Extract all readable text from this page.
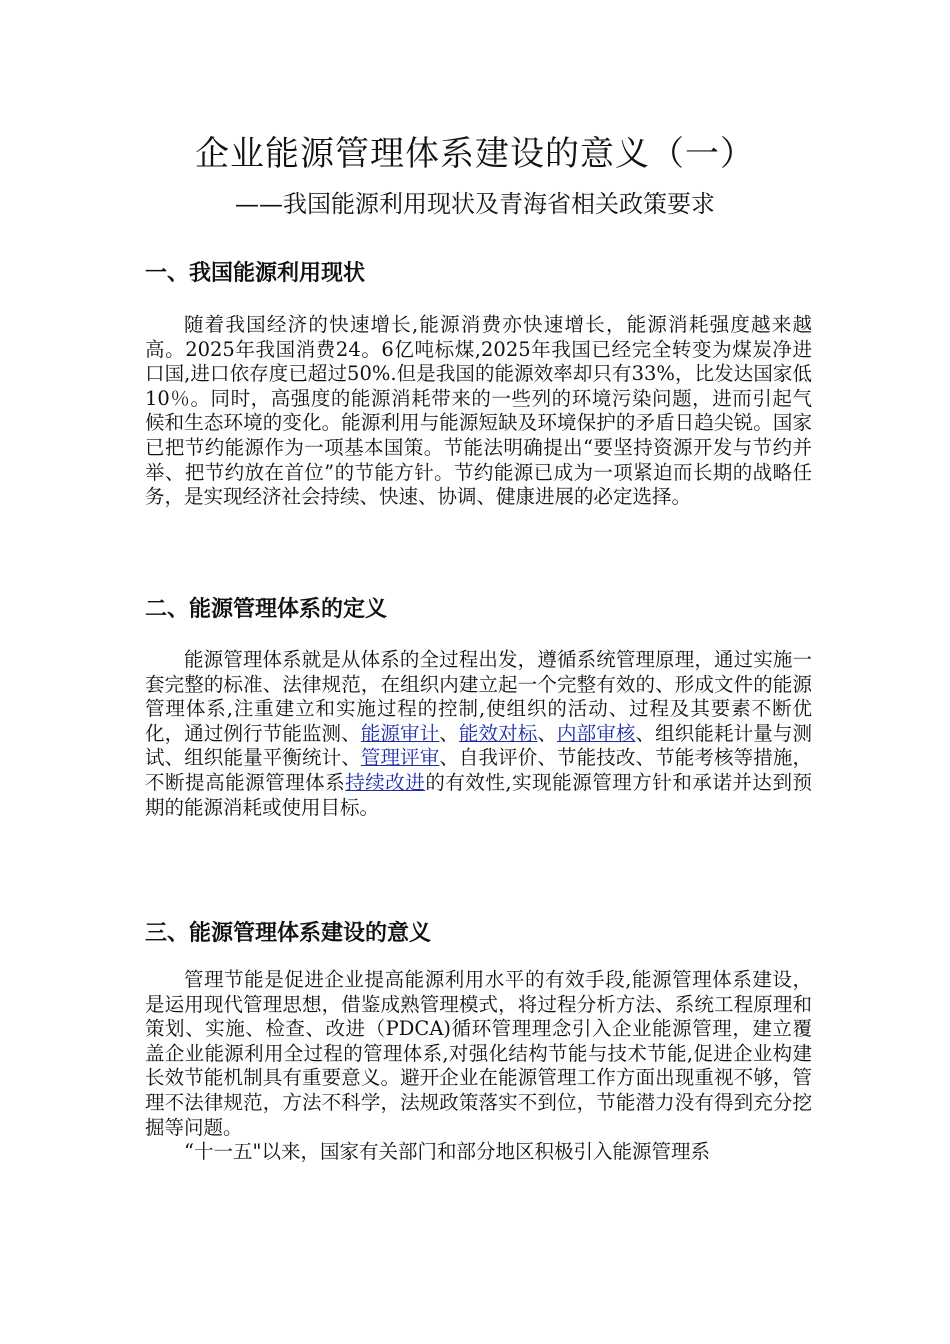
企业能源管理体系建设的意义（一）
——我国能源利用现状及青海省相关政策要求
一、我国能源利用现状

随着我国经济的快速增长,能源消费亦快速增长，能源消耗强度越来越高。2025年我国消费24。6亿吨标煤,2025年我国已经完全转变为煤炭净进口国,进口依存度已超过50%.但是我国的能源效率却只有33%，比发达国家低10％。同时，高强度的能源消耗带来的一些列的环境污染问题，进而引起气候和生态环境的变化。能源利用与能源短缺及环境保护的矛盾日趋尖锐。国家已把节约能源作为一项基本国策。节能法明确提出“要坚持资源开发与节约并举、把节约放在首位”的节能方针。节约能源已成为一项紧迫而长期的战略任务，是实现经济社会持续、快速、协调、健康进展的必定选择。

二、能源管理体系的定义

能源管理体系就是从体系的全过程出发，遵循系统管理原理，通过实施一套完整的标准、法律规范，在组织内建立起一个完整有效的、形成文件的能源管理体系,注重建立和实施过程的控制,使组织的活动、过程及其要素不断优化，通过例行节能监测、能源审计、能效对标、内部审核、组织能耗计量与测试、组织能量平衡统计、管理评审、自我评价、节能技改、节能考核等措施，不断提高能源管理体系持续改进的有效性,实现能源管理方针和承诺并达到预期的能源消耗或使用目标。

三、能源管理体系建设的意义

管理节能是促进企业提高能源利用水平的有效手段,能源管理体系建设，是运用现代管理思想，借鉴成熟管理模式，将过程分析方法、系统工程原理和策划、实施、检查、改进（PDCA)循环管理理念引入企业能源管理，建立覆盖企业能源利用全过程的管理体系,对强化结构节能与技术节能,促进企业构建长效节能机制具有重要意义。避开企业在能源管理工作方面出现重视不够，管理不法律规范，方法不科学，法规政策落实不到位，节能潜力没有得到充分挖掘等问题。

“十一五"以来，国家有关部门和部分地区积极引入能源管理系
